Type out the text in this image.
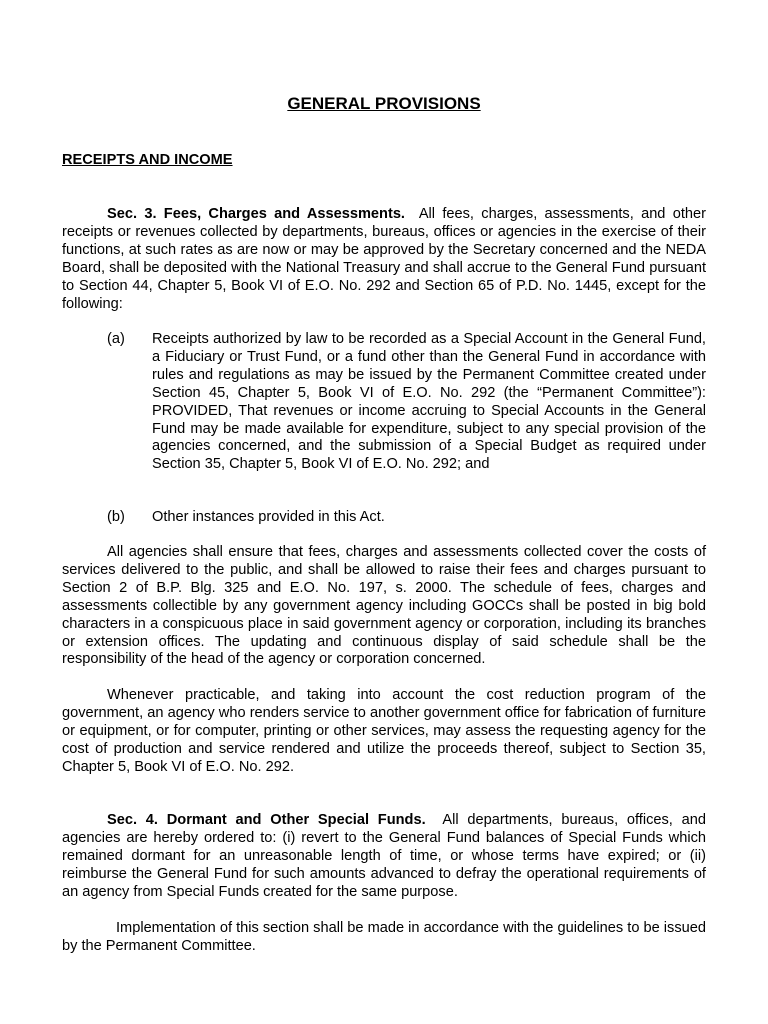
GENERAL PROVISIONS
RECEIPTS AND INCOME

Sec. 3. Fees, Charges and Assessments. All fees, charges, assessments, and other receipts or revenues collected by departments, bureaus, offices or agencies in the exercise of their functions, at such rates as are now or may be approved by the Secretary concerned and the NEDA Board, shall be deposited with the National Treasury and shall accrue to the General Fund pursuant to Section 44, Chapter 5, Book VI of E.O. No. 292 and Section 65 of P.D. No. 1445, except for the following:

(a)	Receipts authorized by law to be recorded as a Special Account in the General Fund, a Fiduciary or Trust Fund, or a fund other than the General Fund in accordance with rules and regulations as may be issued by the Permanent Committee created under Section 45, Chapter 5, Book VI of E.O. No. 292 (the “Permanent Committee”): PROVIDED, That revenues or income accruing to Special Accounts in the General Fund may be made available for expenditure, subject to any special provision of the agencies concerned, and the submission of a Special Budget as required under Section 35, Chapter 5, Book VI of E.O. No. 292; and
(b)	Other instances provided in this Act.

All agencies shall ensure that fees, charges and assessments collected cover the costs of services delivered to the public, and shall be allowed to raise their fees and charges pursuant to Section 2 of B.P. Blg. 325 and E.O. No. 197, s. 2000. The schedule of fees, charges and assessments collectible by any government agency including GOCCs shall be posted in big bold characters in a conspicuous place in said government agency or corporation, including its branches or extension offices. The updating and continuous display of said schedule shall be the responsibility of the head of the agency or corporation concerned.

Whenever practicable, and taking into account the cost reduction program of the government, an agency who renders service to another government office for fabrication of furniture or equipment, or for computer, printing or other services, may assess the requesting agency for the cost of production and service rendered and utilize the proceeds thereof, subject to Section 35, Chapter 5, Book VI of E.O. No. 292.

Sec. 4. Dormant and Other Special Funds. All departments, bureaus, offices, and agencies are hereby ordered to: (i) revert to the General Fund balances of Special Funds which remained dormant for an unreasonable length of time, or whose terms have expired; or (ii) reimburse the General Fund for such amounts advanced to defray the operational requirements of an agency from Special Funds created for the same purpose.

Implementation of this section shall be made in accordance with the guidelines to be issued by the Permanent Committee.
